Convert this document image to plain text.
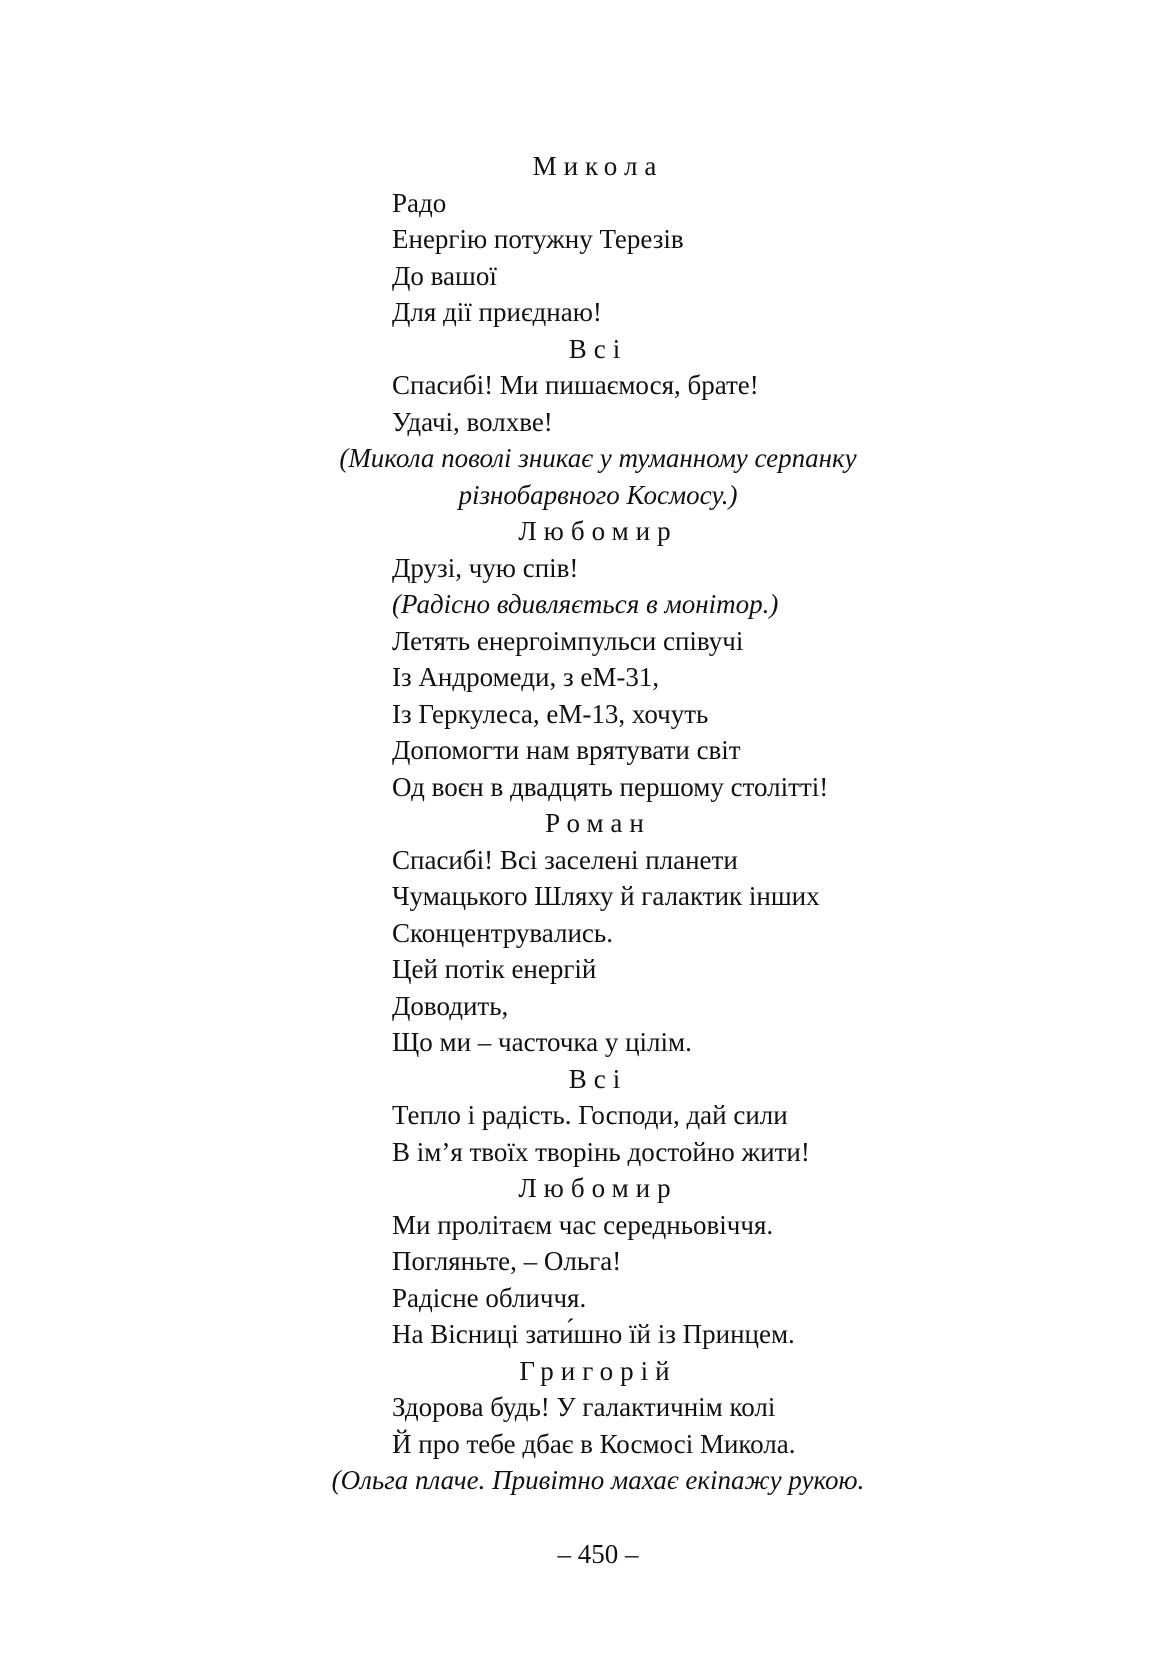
Микола
Радо
Енергію потужну Терезів
До вашої
Для дії приєднаю!
Всі
Спасибі! Ми пишаємося, брате!
Удачі, волхве!
(Микола поволі зникає у туманному серпанку
різнобарвного Космосу.)
Любомир
Друзі, чую спів!
(Радісно вдивляється в монітор.)
Летять енергоімпульси співучі
Із Андромеди, з еМ-31,
Із Геркулеса, еМ-13, хочуть
Допомогти нам врятувати світ
Од воєн в двадцять першому столітті!
Роман
Спасибі! Всі заселені планети
Чумацького Шляху й галактик інших
Сконцентрувались.
Цей потік енергій
Доводить,
Що ми – часточка у цілім.
Всі
Тепло і радість. Господи, дай сили
В ім’я твоїх творінь достойно жити!
Любомир
Ми пролітаєм час середньовіччя.
Погляньте, – Ольга!
Радісне обличчя.
На Вісниці зати́шно їй із Принцем.
Григорій
Здорова будь! У галактичнім колі
Й про тебе дбає в Космосі Микола.
(Ольга плаче. Привітно махає екіпажу рукою.
– 450 –
